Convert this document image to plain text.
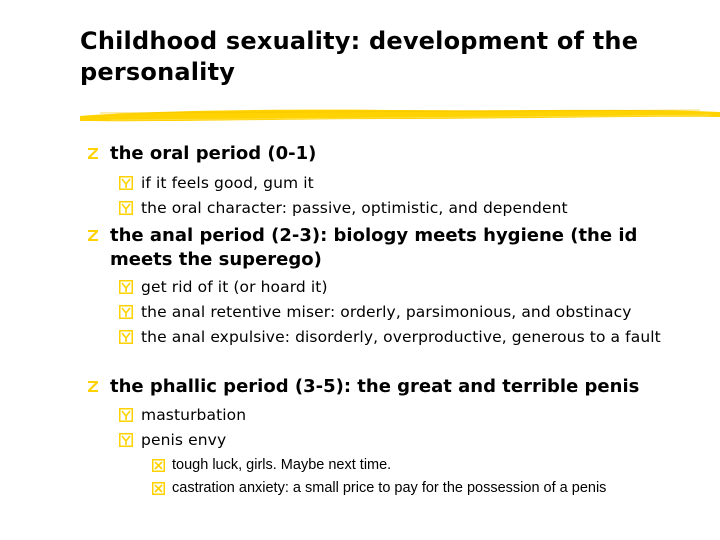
Childhood sexuality: development of the personality
the oral period (0-1)
if it feels good, gum it
the oral character: passive, optimistic, and dependent
the anal period (2-3): biology meets hygiene (the id meets the superego)
get rid of it (or hoard it)
the anal retentive miser: orderly, parsimonious, and obstinacy
the anal expulsive: disorderly, overproductive, generous to a fault
the phallic period (3-5): the great and terrible penis
masturbation
penis envy
tough luck, girls. Maybe next time.
castration anxiety: a small price to pay for the possession of a penis
